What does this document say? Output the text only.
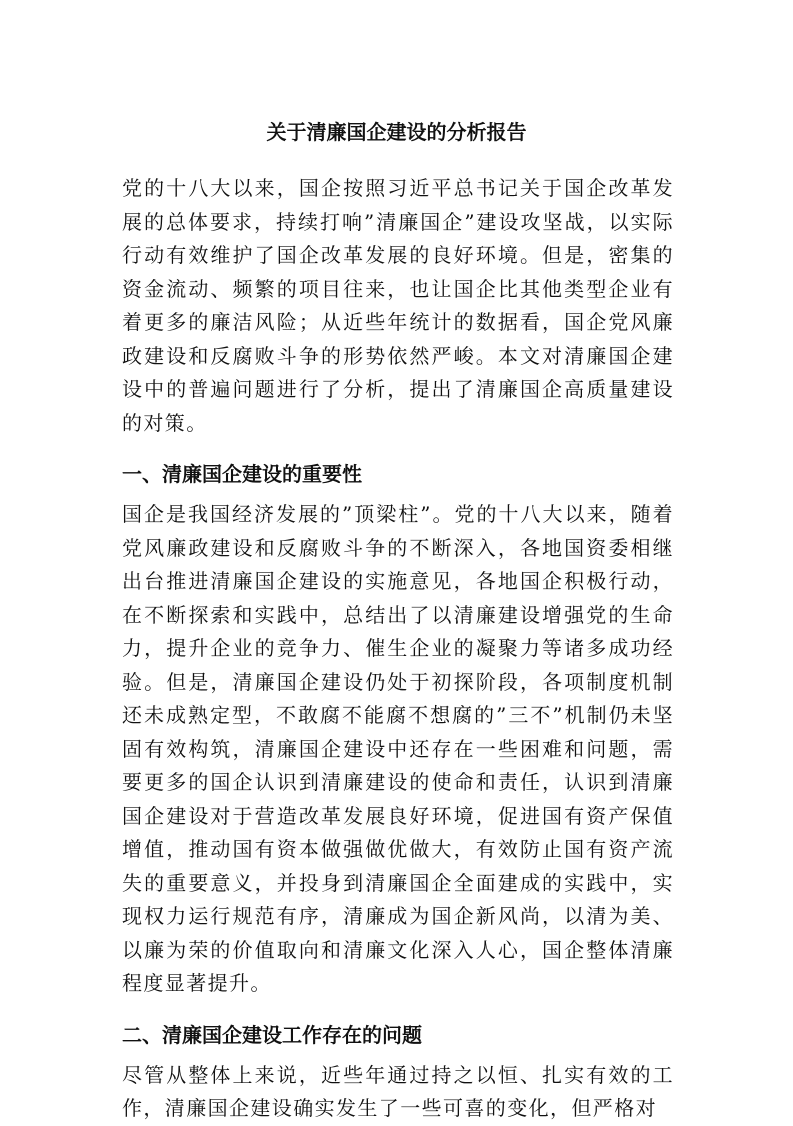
关于清廉国企建设的分析报告

党的十八大以来，国企按照习近平总书记关于国企改革发展的总体要求，持续打响”清廉国企”建设攻坚战，以实际行动有效维护了国企改革发展的良好环境。但是，密集的资金流动、频繁的项目往来，也让国企比其他类型企业有着更多的廉洁风险；从近些年统计的数据看，国企党风廉政建设和反腐败斗争的形势依然严峻。本文对清廉国企建设中的普遍问题进行了分析，提出了清廉国企高质量建设的对策。

一、清廉国企建设的重要性

国企是我国经济发展的”顶梁柱”。党的十八大以来，随着党风廉政建设和反腐败斗争的不断深入，各地国资委相继出台推进清廉国企建设的实施意见，各地国企积极行动，在不断探索和实践中，总结出了以清廉建设增强党的生命力，提升企业的竞争力、催生企业的凝聚力等诸多成功经验。但是，清廉国企建设仍处于初探阶段，各项制度机制还未成熟定型，不敢腐不能腐不想腐的”三不”机制仍未坚固有效构筑，清廉国企建设中还存在一些困难和问题，需要更多的国企认识到清廉建设的使命和责任，认识到清廉国企建设对于营造改革发展良好环境，促进国有资产保值增值，推动国有资本做强做优做大，有效防止国有资产流失的重要意义，并投身到清廉国企全面建成的实践中，实现权力运行规范有序，清廉成为国企新风尚，以清为美、以廉为荣的价值取向和清廉文化深入人心，国企整体清廉程度显著提升。

二、清廉国企建设工作存在的问题

尽管从整体上来说，近些年通过持之以恒、扎实有效的工作，清廉国企建设确实发生了一些可喜的变化，但严格对
